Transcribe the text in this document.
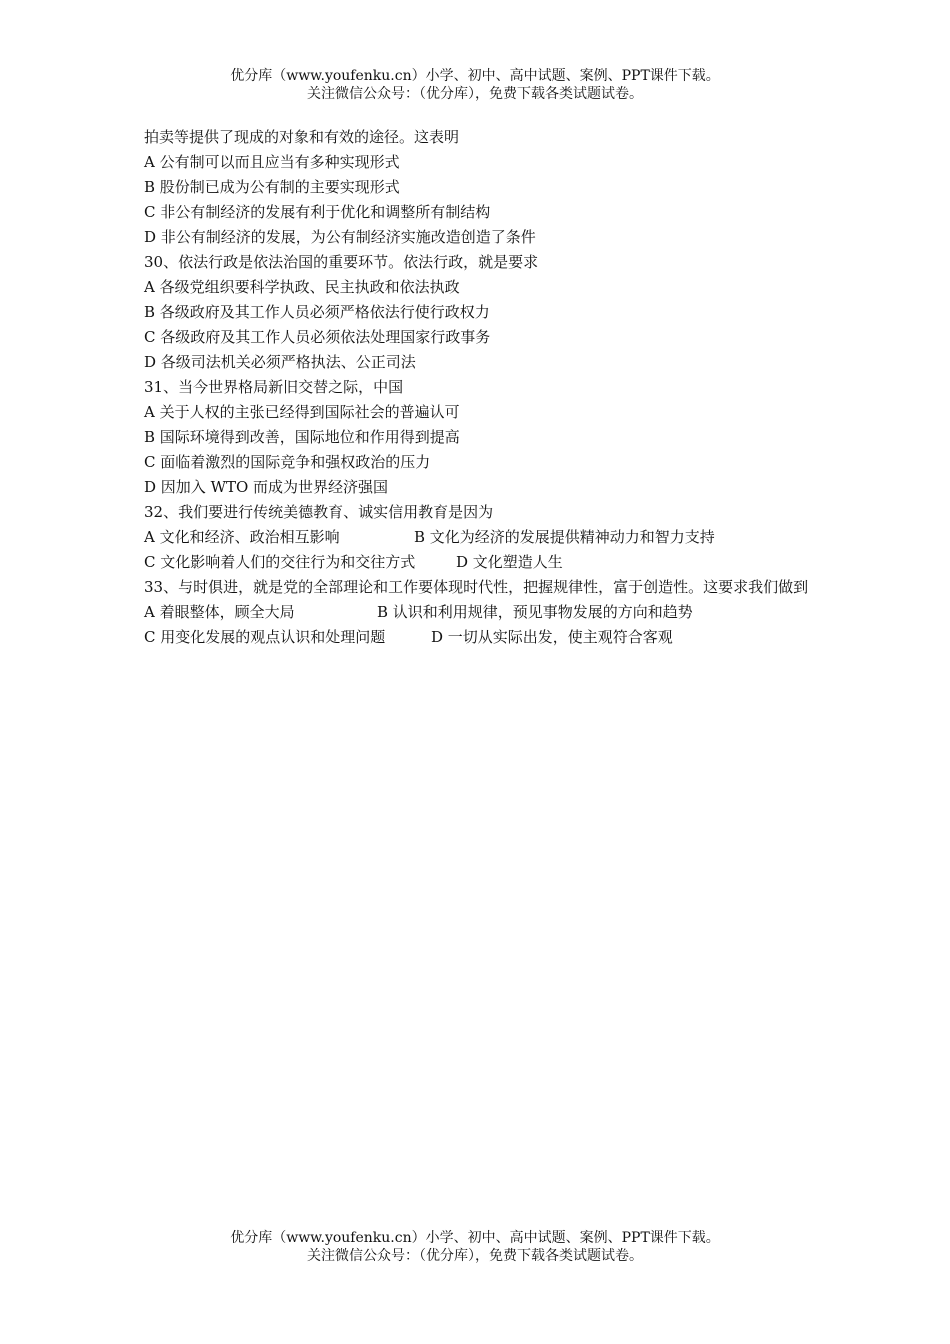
优分库（www.youfenku.cn）小学、初中、高中试题、案例、PPT课件下载。
关注微信公众号：（优分库），免费下载各类试题试卷。
拍卖等提供了现成的对象和有效的途径。这表明
A 公有制可以而且应当有多种实现形式
B 股份制已成为公有制的主要实现形式
C 非公有制经济的发展有利于优化和调整所有制结构
D 非公有制经济的发展，为公有制经济实施改造创造了条件
30、依法行政是依法治国的重要环节。依法行政，就是要求
A 各级党组织要科学执政、民主执政和依法执政
B 各级政府及其工作人员必须严格依法行使行政权力
C 各级政府及其工作人员必须依法处理国家行政事务
D 各级司法机关必须严格执法、公正司法
31、当今世界格局新旧交替之际，中国
A 关于人权的主张已经得到国际社会的普遍认可
B 国际环境得到改善，国际地位和作用得到提高
C 面临着激烈的国际竞争和强权政治的压力
D 因加入 WTO 而成为世界经济强国
32、我们要进行传统美德教育、诚实信用教育是因为
A 文化和经济、政治相互影响	B 文化为经济的发展提供精神动力和智力支持
C 文化影响着人们的交往行为和交往方式	D 文化塑造人生
33、与时俱进，就是党的全部理论和工作要体现时代性，把握规律性，富于创造性。这要求我们做到
A 着眼整体，顾全大局	B 认识和利用规律，预见事物发展的方向和趋势
C 用变化发展的观点认识和处理问题	D 一切从实际出发，使主观符合客观
优分库（www.youfenku.cn）小学、初中、高中试题、案例、PPT课件下载。
关注微信公众号：（优分库），免费下载各类试题试卷。
